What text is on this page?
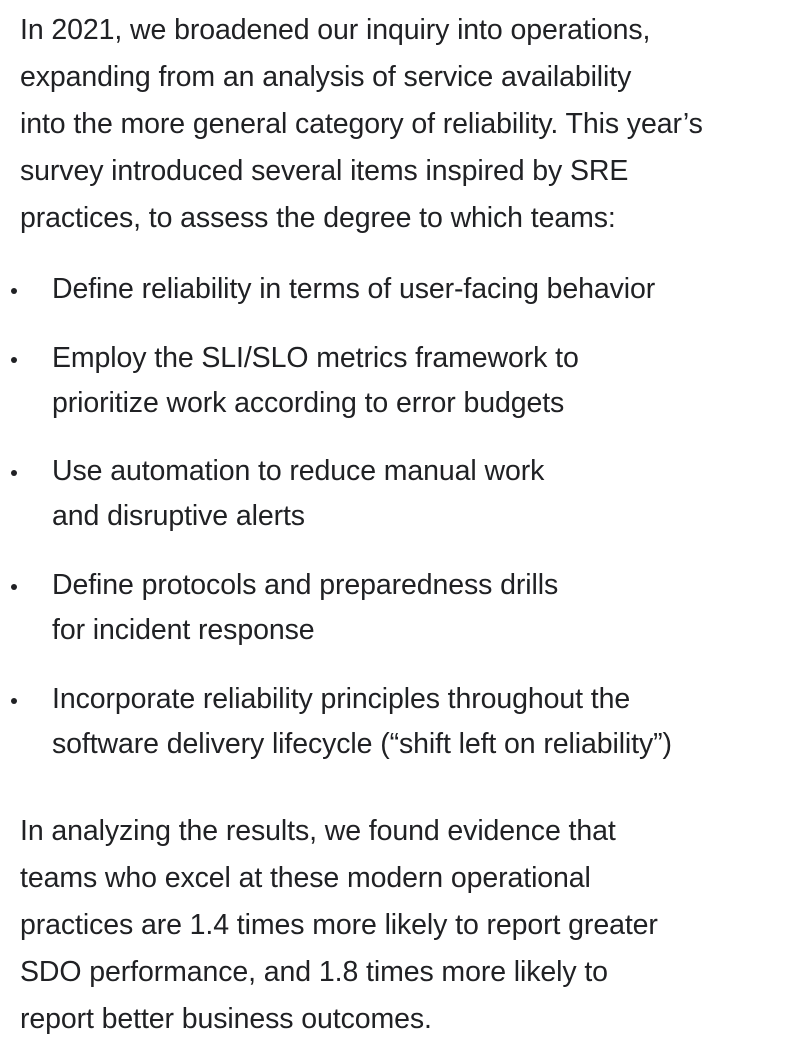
In 2021, we broadened our inquiry into operations,
expanding from an analysis of service availability
into the more general category of reliability. This year’s
survey introduced several items inspired by SRE
practices, to assess the degree to which teams:

Define reliability in terms of user-facing behavior
Employ the SLI/SLO metrics framework to
prioritize work according to error budgets
Use automation to reduce manual work
and disruptive alerts
Define protocols and preparedness drills
for incident response
Incorporate reliability principles throughout the
software delivery lifecycle (“shift left on reliability”)

In analyzing the results, we found evidence that
teams who excel at these modern operational
practices are 1.4 times more likely to report greater
SDO performance, and 1.8 times more likely to
report better business outcomes.
